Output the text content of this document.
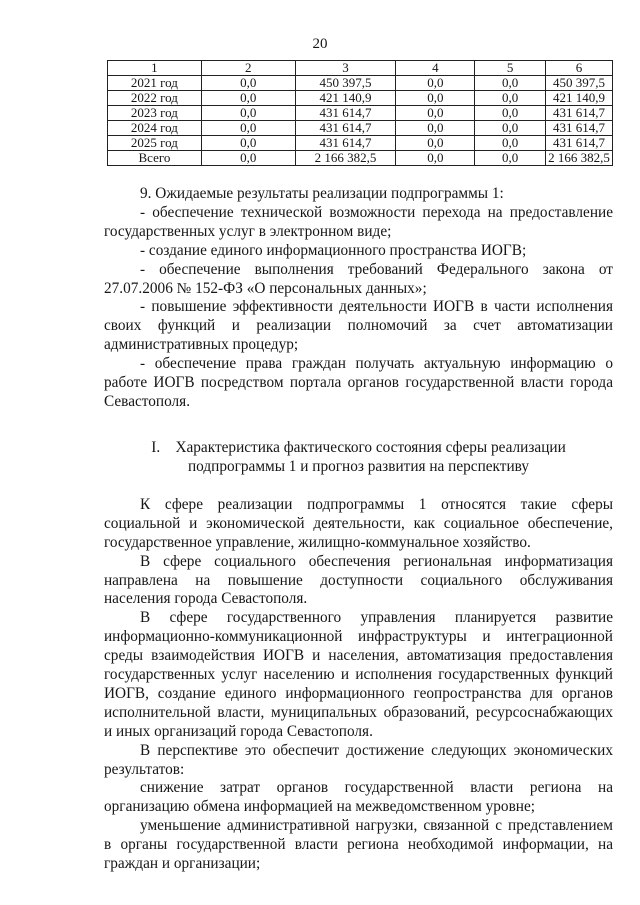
20
1	2	3	4	5	6
2021 год	0,0	450 397,5	0,0	0,0	450 397,5
2022 год	0,0	421 140,9	0,0	0,0	421 140,9
2023 год	0,0	431 614,7	0,0	0,0	431 614,7
2024 год	0,0	431 614,7	0,0	0,0	431 614,7
2025 год	0,0	431 614,7	0,0	0,0	431 614,7
Всего	0,0	2 166 382,5	0,0	0,0	2 166 382,5

9. Ожидаемые результаты реализации подпрограммы 1:

- обеспечение технической возможности перехода на предоставление государственных услуг в электронном виде;

- создание единого информационного пространства ИОГВ;

- обеспечение выполнения требований Федерального закона от 27.07.2006 № 152-ФЗ «О персональных данных»;

- повышение эффективности деятельности ИОГВ в части исполнения своих функций и реализации полномочий за счет автоматизации административных процедур;

- обеспечение права граждан получать актуальную информацию о работе ИОГВ посредством портала органов государственной власти города Севастополя.

I. Характеристика фактического состояния сферы реализации
подпрограммы 1 и прогноз развития на перспективу

К сфере реализации подпрограммы 1 относятся такие сферы социальной и экономической деятельности, как социальное обеспечение, государственное управление, жилищно-коммунальное хозяйство.

В сфере социального обеспечения региональная информатизация направлена на повышение доступности социального обслуживания населения города Севастополя.

В сфере государственного управления планируется развитие информационно-коммуникационной инфраструктуры и интеграционной среды взаимодействия ИОГВ и населения, автоматизация предоставления государственных услуг населению и исполнения государственных функций ИОГВ, создание единого информационного геопространства для органов исполнительной власти, муниципальных образований, ресурсоснабжающих и иных организаций города Севастополя.

В перспективе это обеспечит достижение следующих экономических результатов:

снижение затрат органов государственной власти региона на организацию обмена информацией на межведомственном уровне;

уменьшение административной нагрузки, связанной с представлением в органы государственной власти региона необходимой информации, на граждан и организации;
